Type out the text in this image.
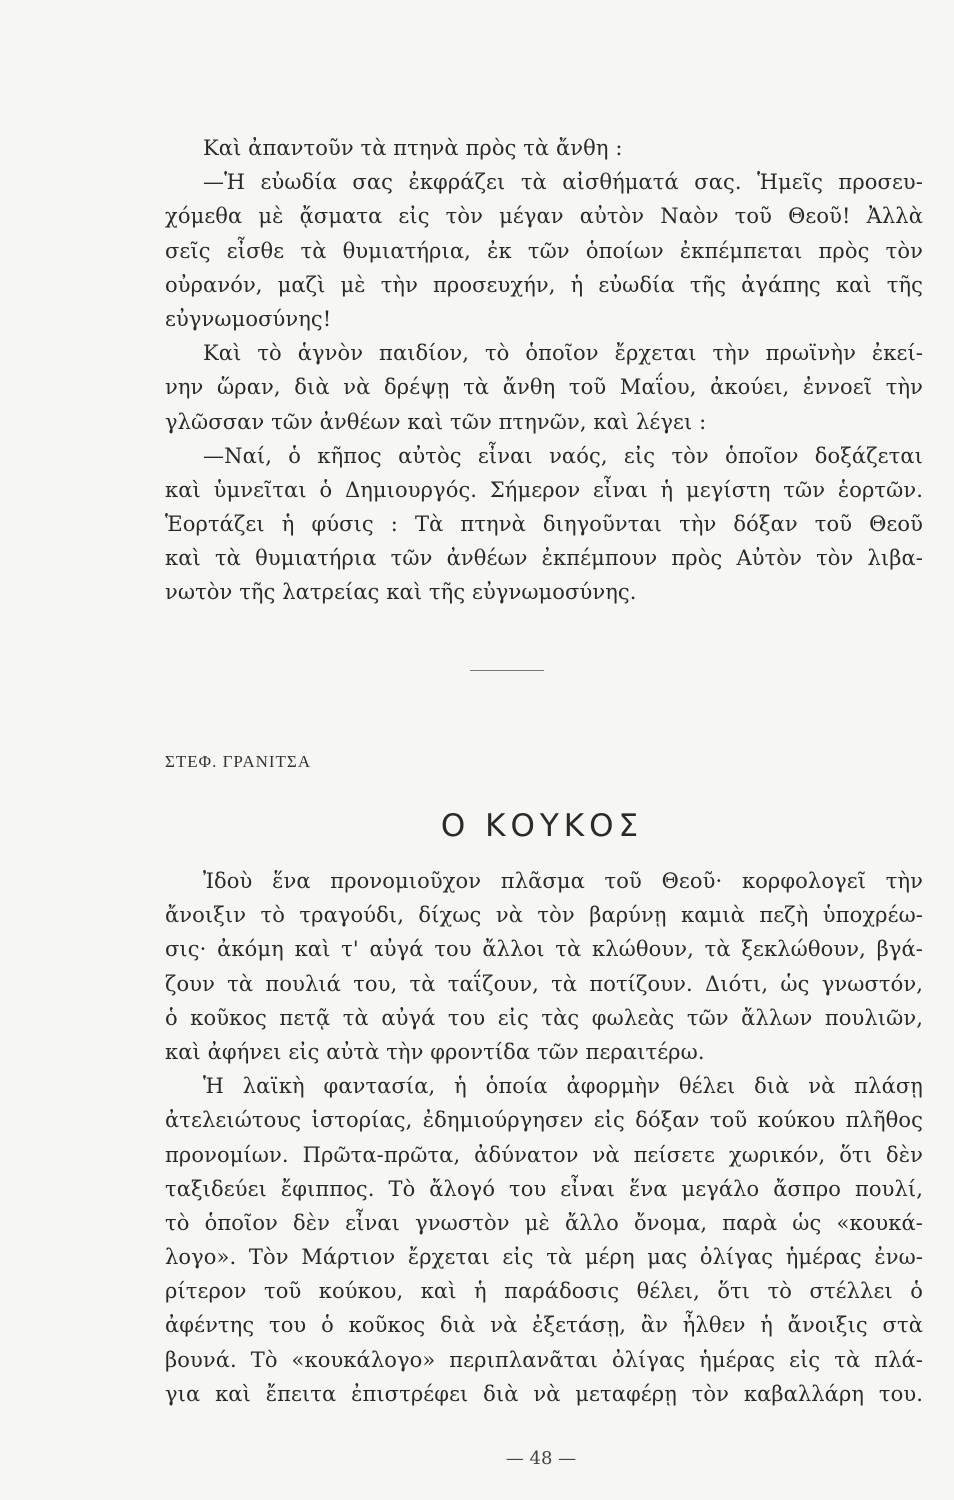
Καὶ ἀπαντοῦν τὰ πτηνὰ πρὸς τὰ ἄνθη :
—Ἡ εὐωδία σας ἐκφράζει τὰ αἰσθήματά σας. Ἡμεῖς προσευ-
χόμεθα μὲ ᾄσματα εἰς τὸν μέγαν αὐτὸν Ναὸν τοῦ Θεοῦ! Ἀλλὰ
σεῖς εἶσθε τὰ θυμιατήρια, ἐκ τῶν ὁποίων ἐκπέμπεται πρὸς τὸν
οὐρανόν, μαζὶ μὲ τὴν προσευχήν, ἡ εὐωδία τῆς ἀγάπης καὶ τῆς
εὐγνωμοσύνης!
Καὶ τὸ ἁγνὸν παιδίον, τὸ ὁποῖον ἔρχεται τὴν πρωϊνὴν ἐκεί-
νην ὥραν, διὰ νὰ δρέψῃ τὰ ἄνθη τοῦ Μαΐου, ἀκούει, ἐννοεῖ τὴν
γλῶσσαν τῶν ἀνθέων καὶ τῶν πτηνῶν, καὶ λέγει :
—Ναί, ὁ κῆπος αὐτὸς εἶναι ναός, εἰς τὸν ὁποῖον δοξάζεται
καὶ ὑμνεῖται ὁ Δημιουργός. Σήμερον εἶναι ἡ μεγίστη τῶν ἑορτῶν.
Ἑορτάζει ἡ φύσις : Τὰ πτηνὰ διηγοῦνται τὴν δόξαν τοῦ Θεοῦ
καὶ τὰ θυμιατήρια τῶν ἀνθέων ἐκπέμπουν πρὸς Αὐτὸν τὸν λιβα-
νωτὸν τῆς λατρείας καὶ τῆς εὐγνωμοσύνης.
ΣΤΕΦ. ΓΡΑΝΙΤΣΑ
Ο ΚΟΥΚΟΣ
Ἰδοὺ ἕνα προνομιοῦχον πλᾶσμα τοῦ Θεοῦ· κορφολογεῖ τὴν
ἄνοιξιν τὸ τραγούδι, δίχως νὰ τὸν βαρύνῃ καμιὰ πεζὴ ὑποχρέω-
σις· ἀκόμη καὶ τ' αὐγά του ἄλλοι τὰ κλώθουν, τὰ ξεκλώθουν, βγά-
ζουν τὰ πουλιά του, τὰ ταΐζουν, τὰ ποτίζουν. Διότι, ὡς γνωστόν,
ὁ κοῦκος πετᾷ τὰ αὐγά του εἰς τὰς φωλεὰς τῶν ἄλλων πουλιῶν,
καὶ ἀφήνει εἰς αὐτὰ τὴν φροντίδα τῶν περαιτέρω.
Ἡ λαϊκὴ φαντασία, ἡ ὁποία ἀφορμὴν θέλει διὰ νὰ πλάσῃ
ἀτελειώτους ἱστορίας, ἐδημιούργησεν εἰς δόξαν τοῦ κούκου πλῆθος
προνομίων. Πρῶτα-πρῶτα, ἀδύνατον νὰ πείσετε χωρικόν, ὅτι δὲν
ταξιδεύει ἔφιππος. Τὸ ἄλογό του εἶναι ἕνα μεγάλο ἄσπρο πουλί,
τὸ ὁποῖον δὲν εἶναι γνωστὸν μὲ ἄλλο ὄνομα, παρὰ ὡς «κουκά-
λογο». Τὸν Μάρτιον ἔρχεται εἰς τὰ μέρη μας ὀλίγας ἡμέρας ἐνω-
ρίτερον τοῦ κούκου, καὶ ἡ παράδοσις θέλει, ὅτι τὸ στέλλει ὁ
ἀφέντης του ὁ κοῦκος διὰ νὰ ἐξετάσῃ, ἂν ἦλθεν ἡ ἄνοιξις στὰ
βουνά. Τὸ «κουκάλογο» περιπλανᾶται ὀλίγας ἡμέρας εἰς τὰ πλά-
για καὶ ἔπειτα ἐπιστρέφει διὰ νὰ μεταφέρῃ τὸν καβαλλάρη του.
— 48 —
